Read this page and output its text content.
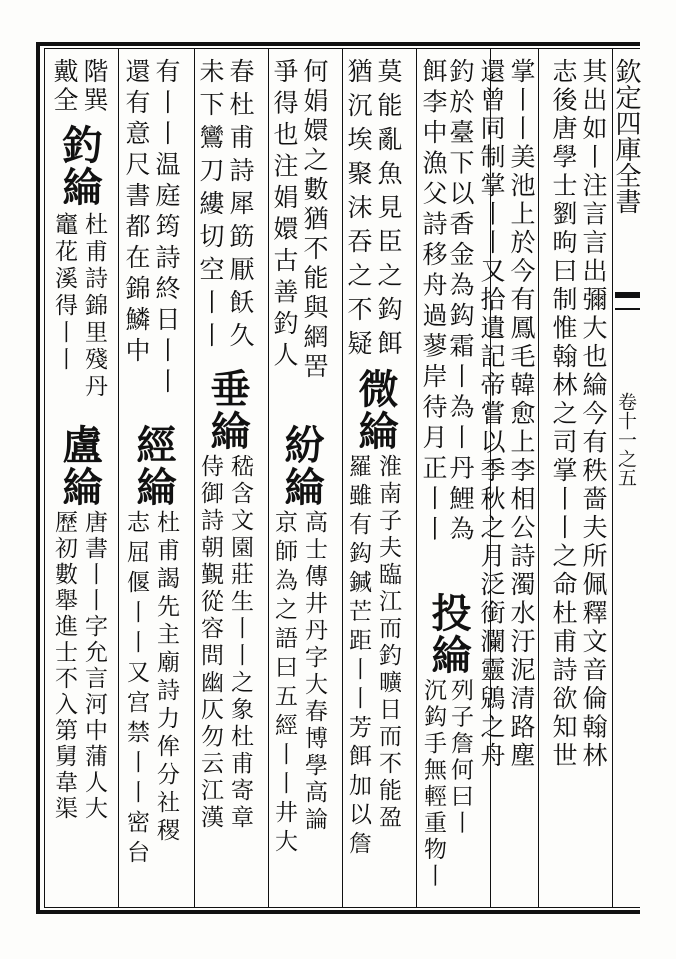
欽定四庫全書
卷十一之五
其出如丨注言言出彌大也綸今有秩嗇夫所佩釋文音倫翰林
志後唐學士劉昫曰制惟翰林之司掌丨丨之命杜甫詩欲知世
掌丨丨美池上於今有鳳毛韓愈上李相公詩濁水汙泥清路塵
還曾同制掌丨丨又拾遺記帝嘗以季秋之月泛銜瀾靈鶂之舟
釣於臺下以香金為鈎霜丨為丨丹鯉為
投綸
列子詹何曰丨
餌李中漁父詩移舟過蓼岸待月正丨丨
沉鈎手無輕重物丨
莫能亂魚見臣之鈎餌
微綸
淮南子夫臨江而釣曠日而不能盈
猶沉埃聚沫吞之不疑
羅雖有鈎鍼芒距丨丨芳餌加以詹
何娟嬛之數猶不能與網罟
紛綸
高士傳井丹字大春博學高論
爭得也注娟嬛古善釣人
京師為之語曰五經丨丨井大
春杜甫詩犀筯厭飫久
垂綸
嵇含文園莊生丨丨之象杜甫寄章
未下鸞刀縷切空丨丨
侍御詩朝覲從容問幽仄勿云江漢
有丨丨温庭筠詩終日丨丨
經綸
杜甫謁先主廟詩力侔分社稷
還有意尺書都在錦鱗中
志屈偃丨丨又宫禁丨丨密台
階巽
釣綸
杜甫詩錦里殘丹
盧綸
唐書丨丨字允言河中蒲人大
戴全
竈花溪得丨丨
歷初數舉進士不入第舅韋渠
